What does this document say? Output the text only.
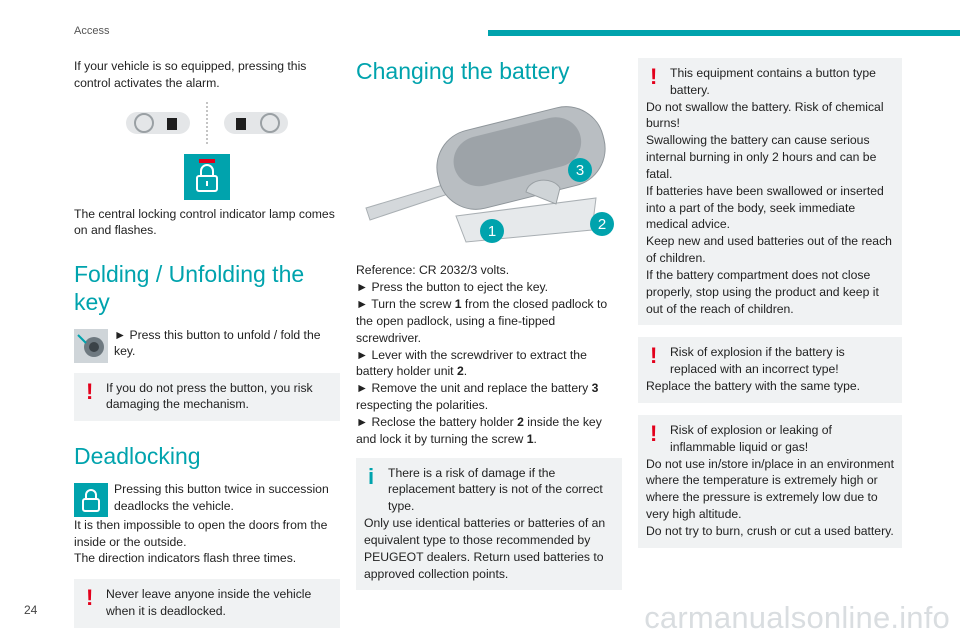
Access

If your vehicle is so equipped, pressing this control activates the alarm.

The central locking control indicator lamp comes on and flashes.

Folding / Unfolding the key

► Press this button to unfold / fold the key.

!	If you do not press the button, you risk damaging the mechanism.
Deadlocking

Pressing this button twice in succession deadlocks the vehicle.

It is then impossible to open the doors from the inside or the outside.

The direction indicators flash three times.

!	Never leave anyone inside the vehicle when it is deadlocked.
Changing the battery
1	2
3

Reference: CR 2032/3 volts.

► Press the button to eject the key.

► Turn the screw 1 from the closed padlock to the open padlock, using a fine-tipped screwdriver.

► Lever with the screwdriver to extract the battery holder unit 2.

► Remove the unit and replace the battery 3 respecting the polarities.

► Reclose the battery holder 2 inside the key and lock it by turning the screw 1.

i	There is a risk of damage if the replacement battery is not of the correct type.

Only use identical batteries or batteries of an equivalent type to those recommended by PEUGEOT dealers. Return used batteries to approved collection points.

!	This equipment contains a button type battery.

Do not swallow the battery. Risk of chemical burns!

Swallowing the battery can cause serious internal burning in only 2 hours and can be fatal.

If batteries have been swallowed or inserted into a part of the body, seek immediate medical advice.

Keep new and used batteries out of the reach of children.

If the battery compartment does not close properly, stop using the product and keep it out of the reach of children.

!	Risk of explosion if the battery is replaced with an incorrect type!

Replace the battery with the same type.

!	Risk of explosion or leaking of inflammable liquid or gas!

Do not use in/store in/place in an environment where the temperature is extremely high or where the pressure is extremely low due to very high altitude.

Do not try to burn, crush or cut a used battery.

24	carmanualsonline.info
